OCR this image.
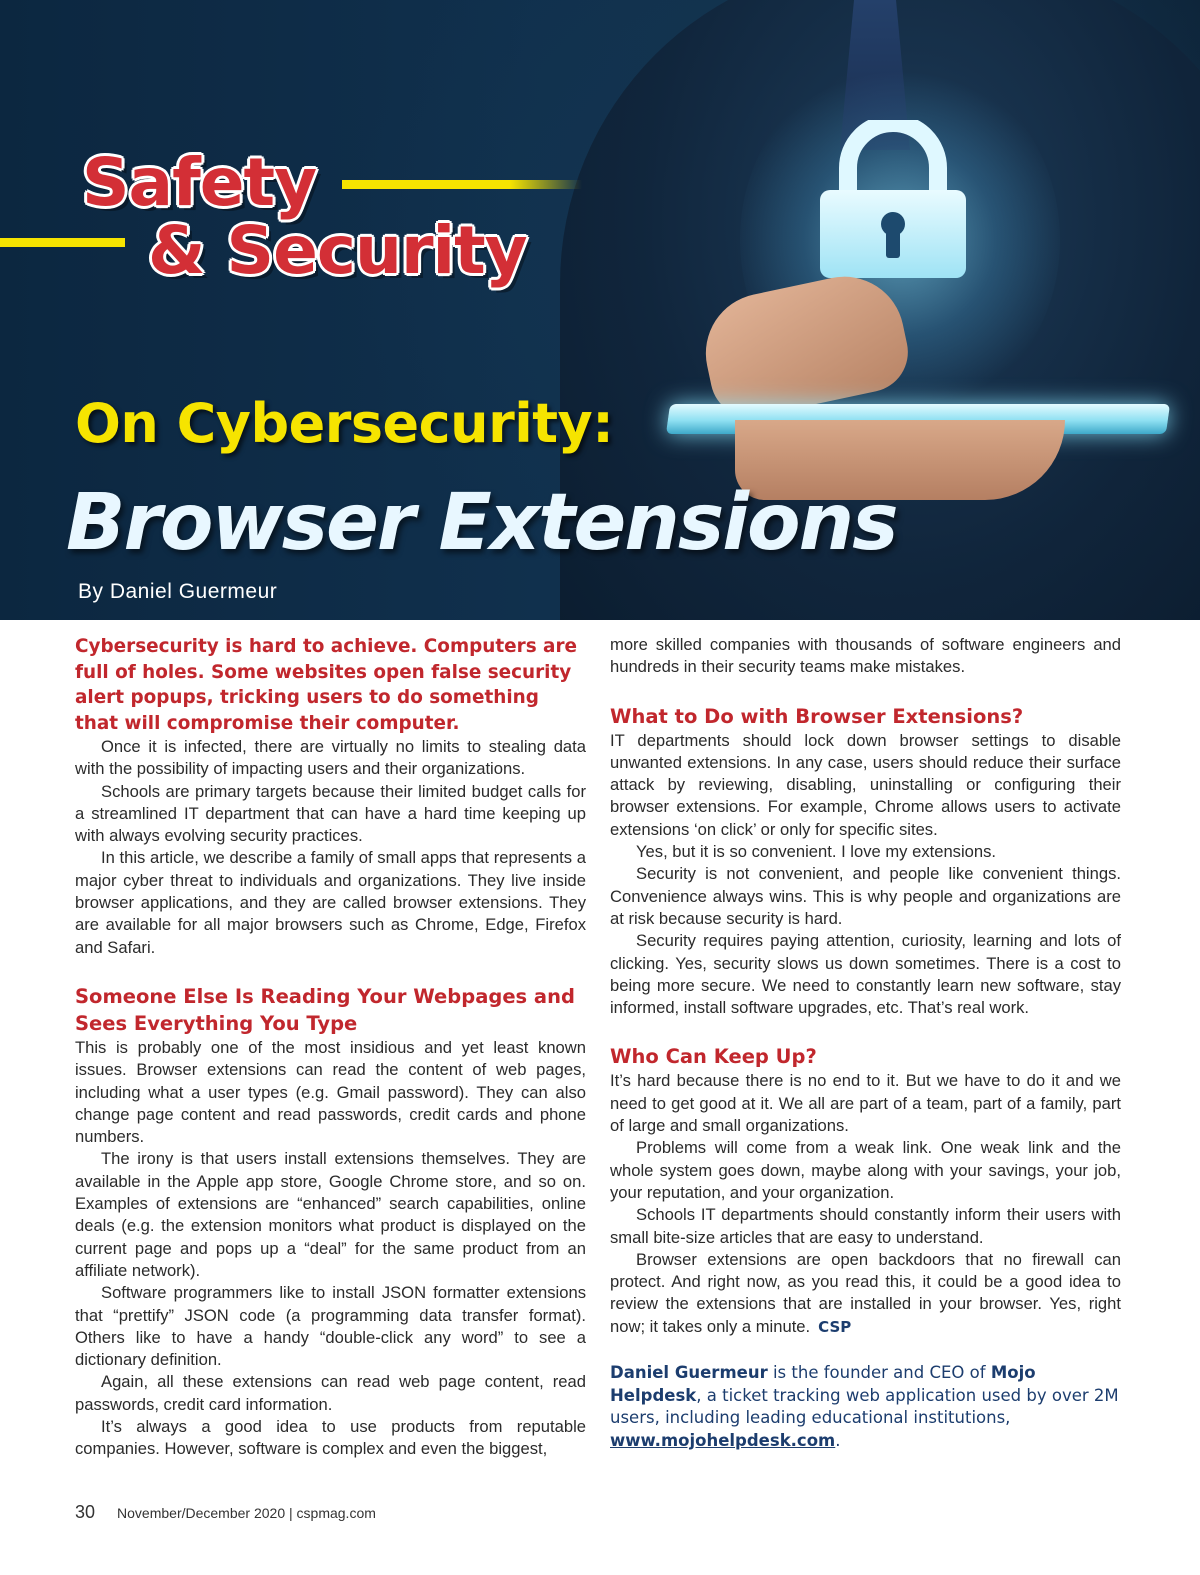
Safety
& Security
On Cybersecurity:
Browser Extensions
By Daniel Guermeur

Cybersecurity is hard to achieve. Computers are full of holes. Some websites open false security alert popups, tricking users to do something that will compromise their computer.

Once it is infected, there are virtually no limits to stealing data with the possibility of impacting users and their organizations.

Schools are primary targets because their limited budget calls for a streamlined IT department that can have a hard time keeping up with always evolving security practices.

In this article, we describe a family of small apps that represents a major cyber threat to individuals and organizations. They live inside browser applications, and they are called browser extensions. They are available for all major browsers such as Chrome, Edge, Firefox and Safari.

Someone Else Is Reading Your Webpages and Sees Everything You Type

This is probably one of the most insidious and yet least known issues. Browser extensions can read the content of web pages, including what a user types (e.g. Gmail password). They can also change page content and read passwords, credit cards and phone numbers.

The irony is that users install extensions themselves. They are available in the Apple app store, Google Chrome store, and so on. Examples of extensions are “enhanced” search capabilities, online deals (e.g. the extension monitors what product is displayed on the current page and pops up a “deal” for the same product from an affiliate network).

Software programmers like to install JSON formatter extensions that “prettify” JSON code (a programming data transfer format). Others like to have a handy “double-click any word” to see a dictionary definition.

Again, all these extensions can read web page content, read passwords, credit card information.

It’s always a good idea to use products from reputable companies. However, software is complex and even the biggest,

more skilled companies with thousands of software engineers and hundreds in their security teams make mistakes.

What to Do with Browser Extensions?

IT departments should lock down browser settings to disable unwanted extensions. In any case, users should reduce their surface attack by reviewing, disabling, uninstalling or configuring their browser extensions. For example, Chrome allows users to activate extensions ‘on click’ or only for specific sites.

Yes, but it is so convenient. I love my extensions.

Security is not convenient, and people like convenient things. Convenience always wins. This is why people and organizations are at risk because security is hard.

Security requires paying attention, curiosity, learning and lots of clicking. Yes, security slows us down sometimes. There is a cost to being more secure. We need to constantly learn new software, stay informed, install software upgrades, etc. That’s real work.

Who Can Keep Up?

It’s hard because there is no end to it. But we have to do it and we need to get good at it. We all are part of a team, part of a family, part of large and small organizations.

Problems will come from a weak link. One weak link and the whole system goes down, maybe along with your savings, your job, your reputation, and your organization.

Schools IT departments should constantly inform their users with small bite-size articles that are easy to understand.

Browser extensions are open backdoors that no firewall can protect. And right now, as you read this, it could be a good idea to review the extensions that are installed in your browser. Yes, right now; it takes only a minute. CSP

Daniel Guermeur is the founder and CEO of Mojo Helpdesk, a ticket tracking web application used by over 2M users, including leading educational institutions, www.mojohelpdesk.com.

30 November/December 2020 | cspmag.com
